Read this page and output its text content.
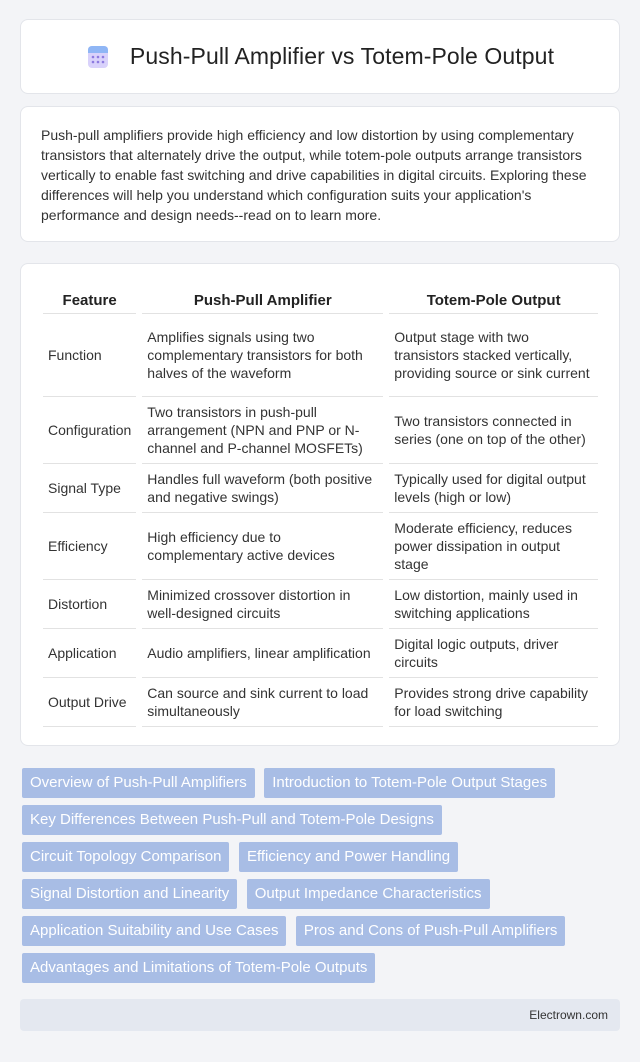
Push-Pull Amplifier vs Totem-Pole Output

Push-pull amplifiers provide high efficiency and low distortion by using complementary transistors that alternately drive the output, while totem-pole outputs arrange transistors vertically to enable fast switching and drive capabilities in digital circuits. Exploring these differences will help you understand which configuration suits your application's performance and design needs--read on to learn more.

Feature	Push-Pull Amplifier	Totem-Pole Output
Function	Amplifies signals using two complementary transistors for both halves of the waveform	Output stage with two transistors stacked vertically, providing source or sink current
Configuration	Two transistors in push-pull arrangement (NPN and PNP or N-channel and P-channel MOSFETs)	Two transistors connected in series (one on top of the other)
Signal Type	Handles full waveform (both positive and negative swings)	Typically used for digital output levels (high or low)
Efficiency	High efficiency due to complementary active devices	Moderate efficiency, reduces power dissipation in output stage
Distortion	Minimized crossover distortion in well-designed circuits	Low distortion, mainly used in switching applications
Application	Audio amplifiers, linear amplification	Digital logic outputs, driver circuits
Output Drive	Can source and sink current to load simultaneously	Provides strong drive capability for load switching
Overview of Push-Pull Amplifiers Introduction to Totem-Pole Output Stages Key Differences Between Push-Pull and Totem-Pole Designs Circuit Topology Comparison Efficiency and Power Handling Signal Distortion and Linearity Output Impedance Characteristics Application Suitability and Use Cases Pros and Cons of Push-Pull Amplifiers Advantages and Limitations of Totem-Pole Outputs
Electrown.com
